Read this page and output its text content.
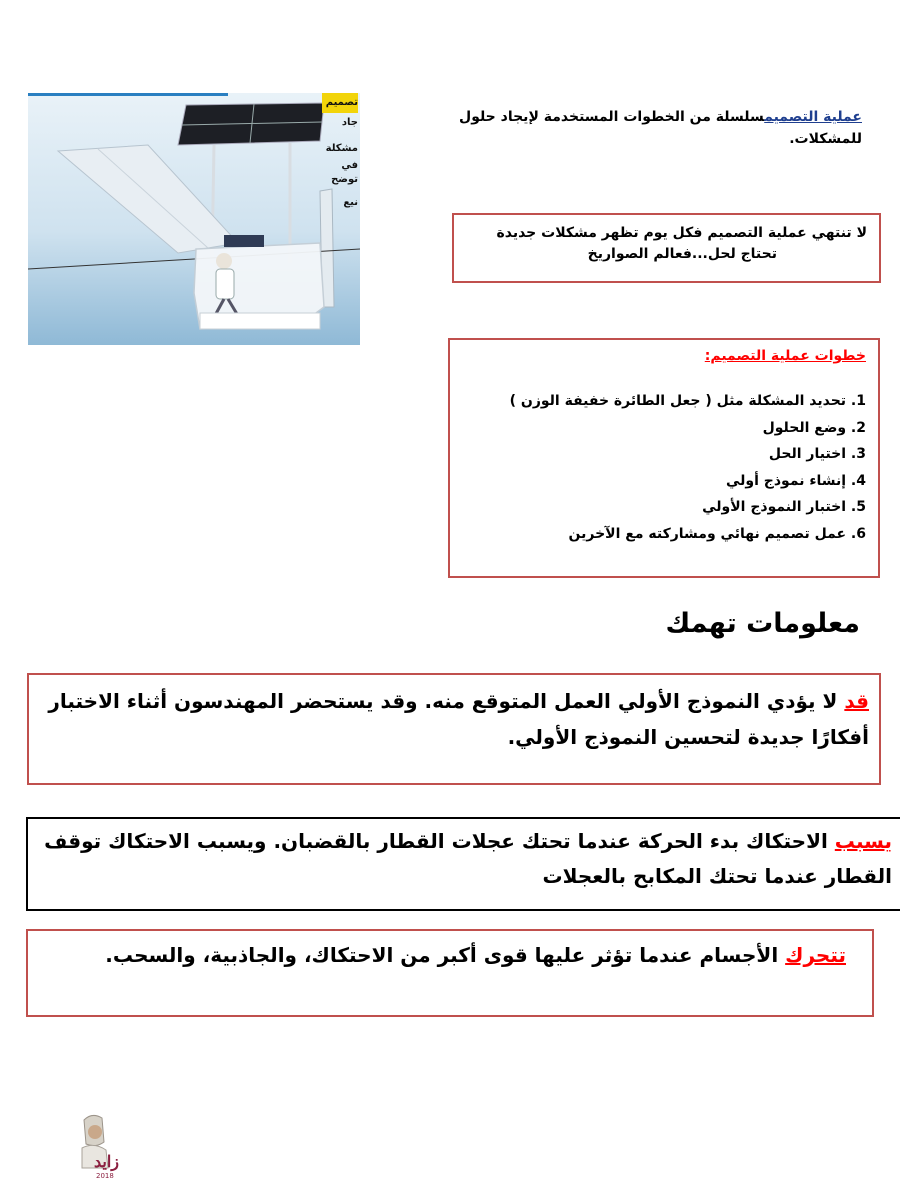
تصميم
جاد
مشكلة
في
توضح
نيع
عملية التصميمسلسلة من الخطوات المستخدمة لإيجاد حلول للمشكلات.
لا تنتهي عملية التصميم فكل يوم تظهر مشكلات جديدة
تحتاج لحل...فعالم الصواريخ
خطوات عملية التصميم:
1. تحديد المشكلة مثل ( جعل الطائرة خفيفة الوزن )
2. وضع الحلول
3. اختيار الحل
4. إنشاء نموذج أولي
5. اختبار النموذج الأولي
6. عمل تصميم نهائي ومشاركته مع الآخرين
معلومات تهمك
قد لا يؤدي النموذج الأولي العمل المتوقع منه. وقد يستحضر المهندسون أثناء الاختبار أفكارًا جديدة لتحسين النموذج الأولي.
يسبب الاحتكاك بدء الحركة عندما تحتك عجلات القطار بالقضبان. ويسبب الاحتكاك توقف القطار عندما تحتك المكابح بالعجلات
تتحرك الأجسام عندما تؤثر عليها قوى أكبر من الاحتكاك، والجاذبية، والسحب.
زايد
2018
